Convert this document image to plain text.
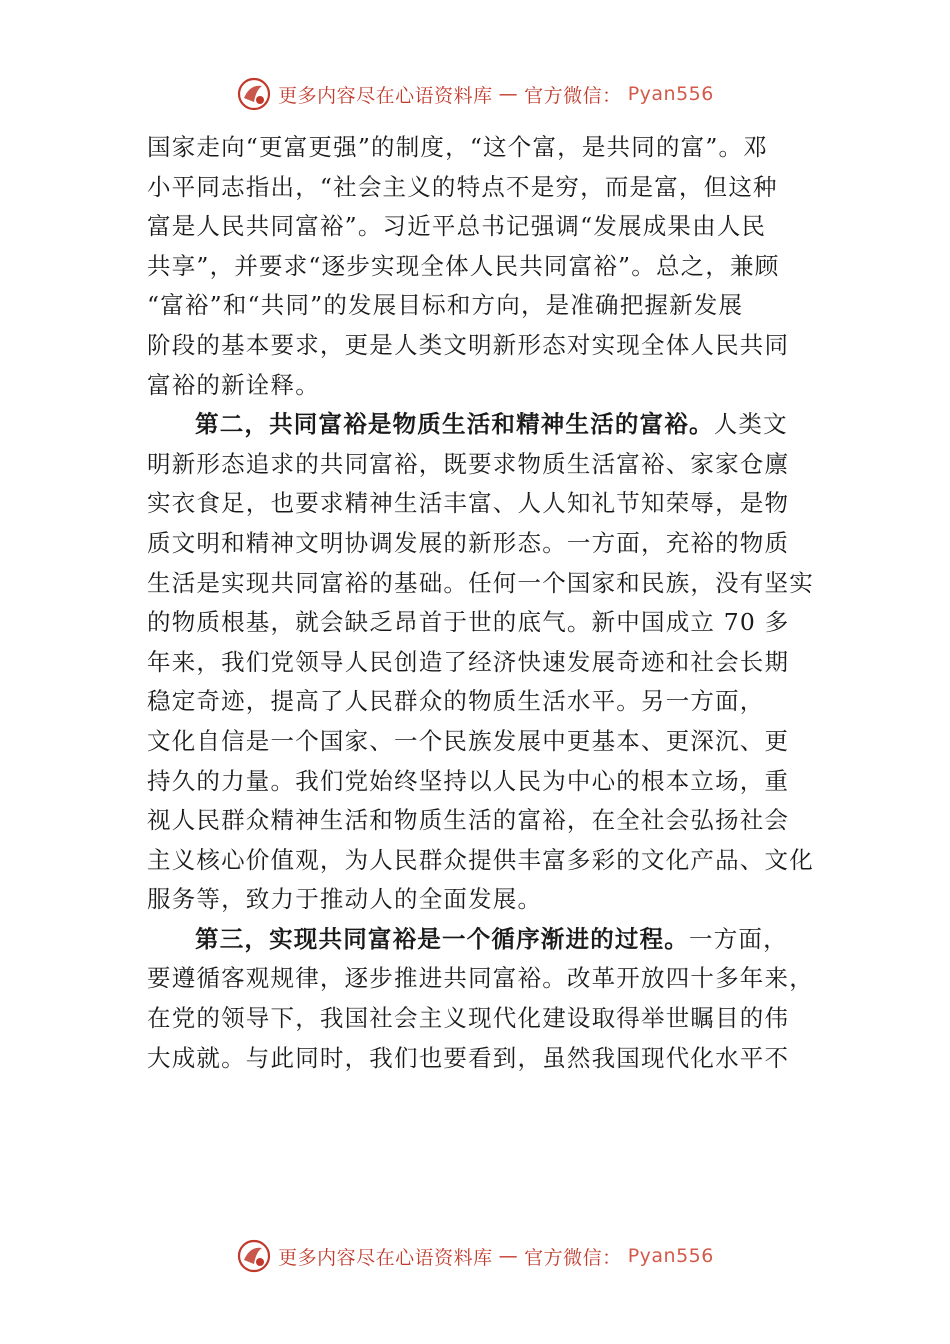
更多内容尽在心语资料库 — 官方微信： Pyan556
国家走向“更富更强”的制度，“这个富，是共同的富”。邓
小平同志指出，“社会主义的特点不是穷，而是富，但这种
富是人民共同富裕”。习近平总书记强调“发展成果由人民
共享”，并要求“逐步实现全体人民共同富裕”。总之，兼顾
“富裕”和“共同”的发展目标和方向，是准确把握新发展
阶段的基本要求，更是人类文明新形态对实现全体人民共同
富裕的新诠释。
第二，共同富裕是物质生活和精神生活的富裕。人类文
明新形态追求的共同富裕，既要求物质生活富裕、家家仓廪
实衣食足，也要求精神生活丰富、人人知礼节知荣辱，是物
质文明和精神文明协调发展的新形态。一方面，充裕的物质
生活是实现共同富裕的基础。任何一个国家和民族，没有坚实
的物质根基，就会缺乏昂首于世的底气。新中国成立 70 多
年来，我们党领导人民创造了经济快速发展奇迹和社会长期
稳定奇迹，提高了人民群众的物质生活水平。另一方面，
文化自信是一个国家、一个民族发展中更基本、更深沉、更
持久的力量。我们党始终坚持以人民为中心的根本立场，重
视人民群众精神生活和物质生活的富裕，在全社会弘扬社会
主义核心价值观，为人民群众提供丰富多彩的文化产品、文化
服务等，致力于推动人的全面发展。
第三，实现共同富裕是一个循序渐进的过程。一方面，
要遵循客观规律，逐步推进共同富裕。改革开放四十多年来，
在党的领导下，我国社会主义现代化建设取得举世瞩目的伟
大成就。与此同时，我们也要看到，虽然我国现代化水平不
更多内容尽在心语资料库 — 官方微信： Pyan556
